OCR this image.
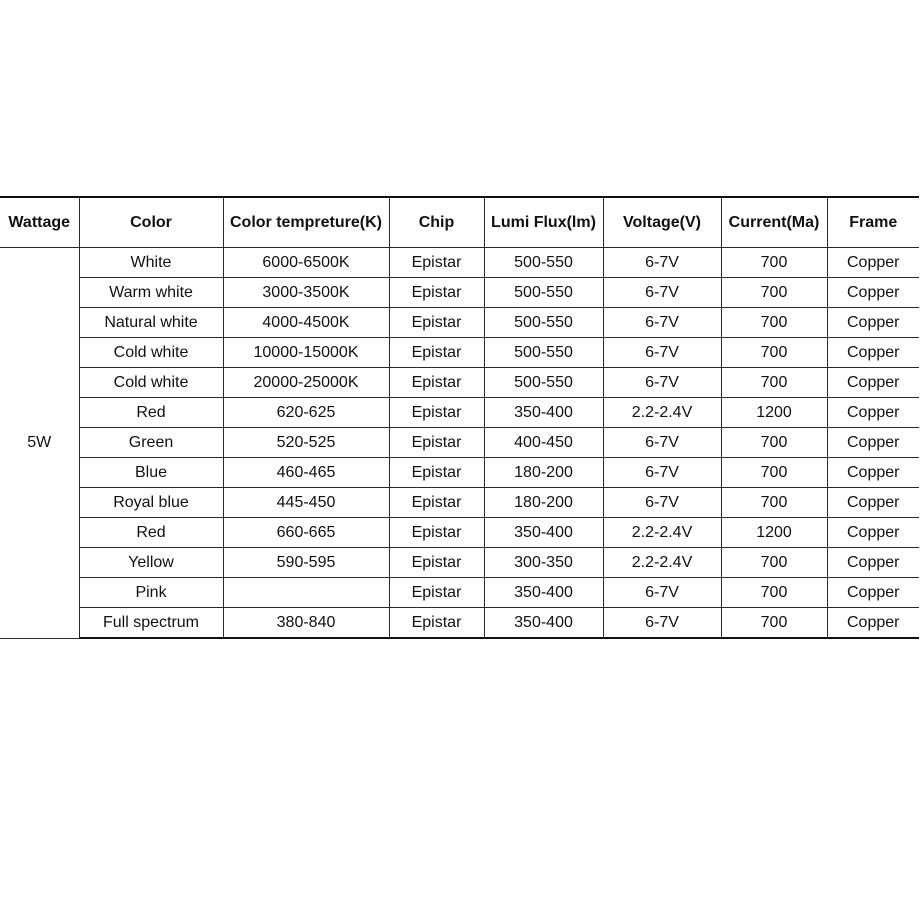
Wattage	Color	Color tempreture(K)	Chip	Lumi Flux(lm)	Voltage(V)	Current(Ma)	Frame
5W	White	6000-6500K	Epistar	500-550	6-7V	700	Copper
	Warm white	3000-3500K	Epistar	500-550	6-7V	700	Copper
	Natural white	4000-4500K	Epistar	500-550	6-7V	700	Copper
	Cold white	10000-15000K	Epistar	500-550	6-7V	700	Copper
	Cold white	20000-25000K	Epistar	500-550	6-7V	700	Copper
	Red	620-625	Epistar	350-400	2.2-2.4V	1200	Copper
	Green	520-525	Epistar	400-450	6-7V	700	Copper
	Blue	460-465	Epistar	180-200	6-7V	700	Copper
	Royal blue	445-450	Epistar	180-200	6-7V	700	Copper
	Red	660-665	Epistar	350-400	2.2-2.4V	1200	Copper
	Yellow	590-595	Epistar	300-350	2.2-2.4V	700	Copper
	Pink		Epistar	350-400	6-7V	700	Copper
	Full spectrum	380-840	Epistar	350-400	6-7V	700	Copper
